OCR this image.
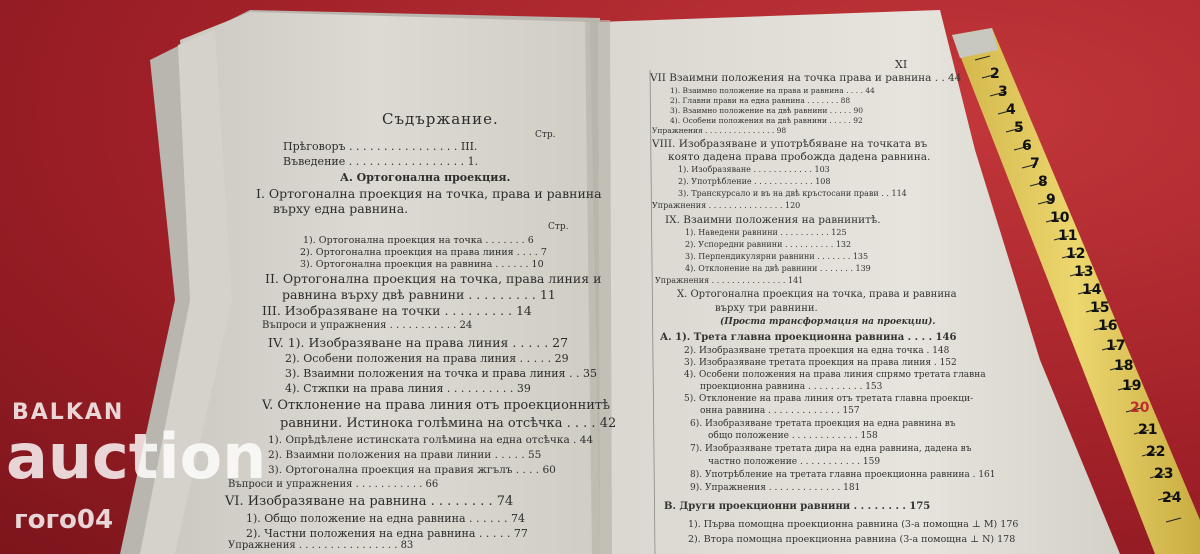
Съдържание.
Стр.
Прѣговоръ . . . . . . . . . . . . . . . . III.
Въведение . . . . . . . . . . . . . . . . . 1.
А. Ортогонална проекция.
I. Ортогонална проекция на точка, права и равнина
върху една равнина.
Стр.
1). Ортогонална проекция на точка . . . . . . . 6
2). Ортогонална проекция на права линия . . . . 7
3). Ортогонална проекция на равнина . . . . . . 10
II. Ортогонална проекция на точка, права линия и
равнина върху двѣ равнини . . . . . . . . . 11
III. Изобразяване на точки . . . . . . . . . 14
Въпроси и упражнения . . . . . . . . . . . 24
IV. 1). Изобразяване на права линия . . . . . 27
2). Особени положения на права линия . . . . . 29
3). Взаимни положения на точка и права линия . . 35
4). Стжпки на права линия . . . . . . . . . . 39
V. Отклонение на права линия отъ проекционнитѣ
равнини. Истинока голѣмина на отсѣчка . . . . 42
1). Опрѣдѣлене истинската голѣмина на една отсѣчка . 44
2). Взаимни положения на прави линии . . . . . 55
3). Ортогонална проекция на правия жгълъ . . . . 60
Въпроси и упражнения . . . . . . . . . . . 66
VI. Изобразяване на равнина . . . . . . . . 74
1). Общо положение на една равнина . . . . . . 74
2). Частни положения на една равнина . . . . . 77
Упражнения . . . . . . . . . . . . . . . . 83
XI
VII Взаимни положения на точка права и равнина . . 44
1). Взаимно положение на права и равнина . . . . 44
2). Главни прави на една равнина . . . . . . . 88
3). Взаимно положение на двѣ равнини . . . . . 90
4). Особени положения на двѣ равнини . . . . . 92
Упражнения . . . . . . . . . . . . . . . 98
VIII. Изобразяване и употрѣбяване на точката въ
която дадена права пробожда дадена равнина.
1). Изобразяване . . . . . . . . . . . . 103
2). Употрѣбление . . . . . . . . . . . . 108
3). Транскурсало и въ на двѣ кръстосани прави . . 114
Упражнения . . . . . . . . . . . . . . . 120
IX. Взаимни положения на равнинитѣ.
1). Наведени равнини . . . . . . . . . . 125
2). Успоредни равнини . . . . . . . . . . 132
3). Перпендикулярни равнини . . . . . . . 135
4). Отклонение на двѣ равнини . . . . . . . 139
Упражнения . . . . . . . . . . . . . . . 141
X. Ортогонална проекция на точка, права и равнина
върху три равнини.
(Проста трансформация на проекции).
А. 1). Трета главна проекционна равнина . . . . 146
2). Изобразяване третата проекция на една точка . 148
3). Изобразяване третата проекция на права линия . 152
4). Особени положения на права линия спрямо третата главна
проекционна равнина . . . . . . . . . . 153
5). Отклонение на права линия отъ третата главна проекци-
онна равнина . . . . . . . . . . . . . 157
6). Изобразяване третата проекция на една равнина въ
общо положение . . . . . . . . . . . . 158
7). Изобразяване третата дира на една равнина, дадена въ
частно положение . . . . . . . . . . . 159
8). Употрѣбление на третата главна проекционна равнина . 161
9). Упражнения . . . . . . . . . . . . . 181
В. Други проекционни равнини . . . . . . . . 175
1). Първа помощна проекционна равнина (3-а помощна ⊥ M) 176
2). Втора помощна проекционна равнина (3-а помощна ⊥ N) 178
2
3
4
5
6
7
8
9
10
11
12
13
14
15
16
17
18
19
20
21
22
23
24
BALKAN
auction
гого04
